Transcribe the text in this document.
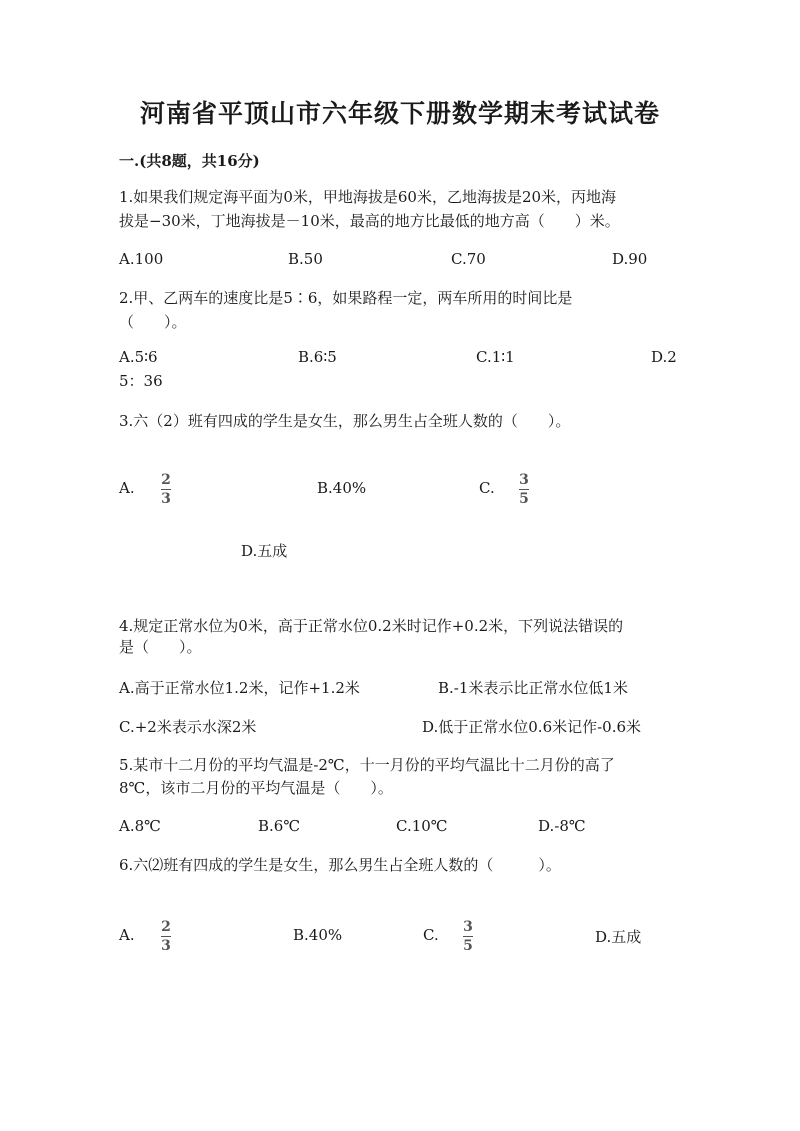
河南省平顶山市六年级下册数学期末考试试卷
一.(共8题，共16分)
1.如果我们规定海平面为0米，甲地海拔是60米，乙地海拔是20米，丙地海
拔是−30米，丁地海拔是－10米，最高的地方比最低的地方高（　　）米。
A.100	B.50	C.70	D.90
2.甲、乙两车的速度比是5∶6，如果路程一定，两车所用的时间比是
（　　）。
A.5∶6	B.6∶5	C.1∶1	D.2
5：36
3.六（2）班有四成的学生是女生，那么男生占全班人数的（　　）。
A. 2
3
B.40%	C. 3
5
D.五成
4.规定正常水位为0米，高于正常水位0.2米时记作+0.2米，下列说法错误的
是（　　）。
A.高于正常水位1.2米，记作+1.2米	B.-1米表示比正常水位低1米
C.+2米表示水深2米	D.低于正常水位0.6米记作-0.6米
5.某市十二月份的平均气温是-2℃，十一月份的平均气温比十二月份的高了
8℃，该市二月份的平均气温是（　　）。
A.8℃	B.6℃	C.10℃	D.-8℃
6.六⑵班有四成的学生是女生，那么男生占全班人数的（　　　）。
A. 2
3
B.40%	C. 3
5	D.五成
